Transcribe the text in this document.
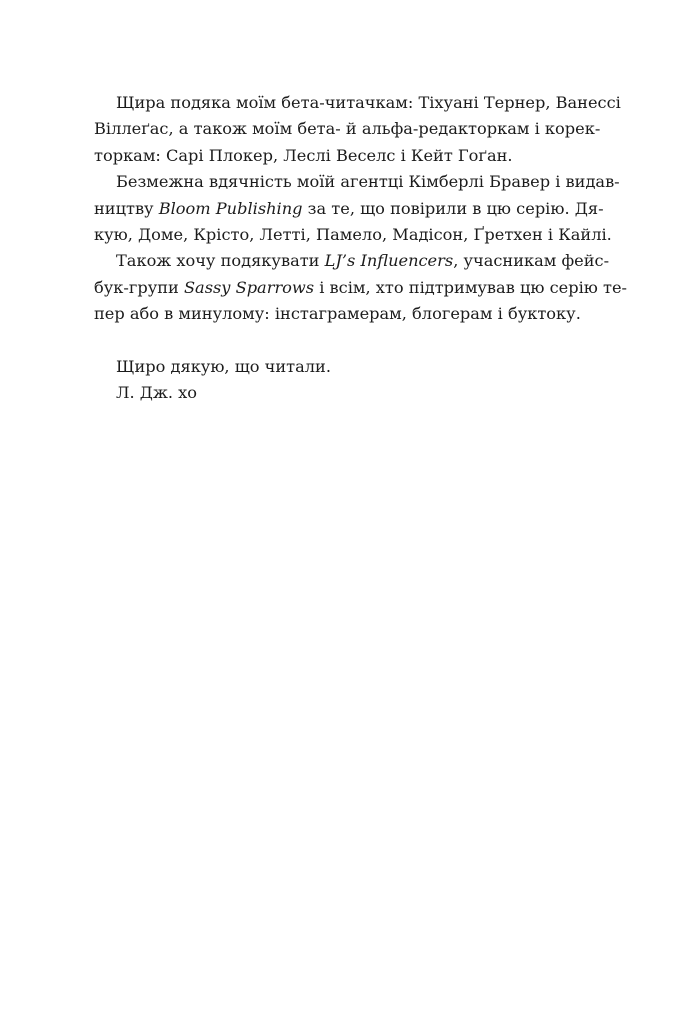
Щира подяка моїм бета-читачкам: Тіхуані Тернер, Ванессі
Віллеґас, а також моїм бета- й альфа-редакторкам і корек-
торкам: Сарі Плокер, Леслі Веселс і Кейт Гоґан.
Безмежна вдячність моїй агентці Кімберлі Бравер і видав-
ництву Bloom Publishing за те, що повірили в цю серію. Дя-
кую, Доме, Крісто, Летті, Памело, Мадісон, Ґретхен і Кайлі.
Також хочу подякувати LJ’s Influencers, учасникам фейс-
бук-групи Sassy Sparrows і всім, хто підтримував цю серію те-
пер або в минулому: інстаграмерам, блогерам і буктоку.
Щиро дякую, що читали.
Л. Дж. хо
